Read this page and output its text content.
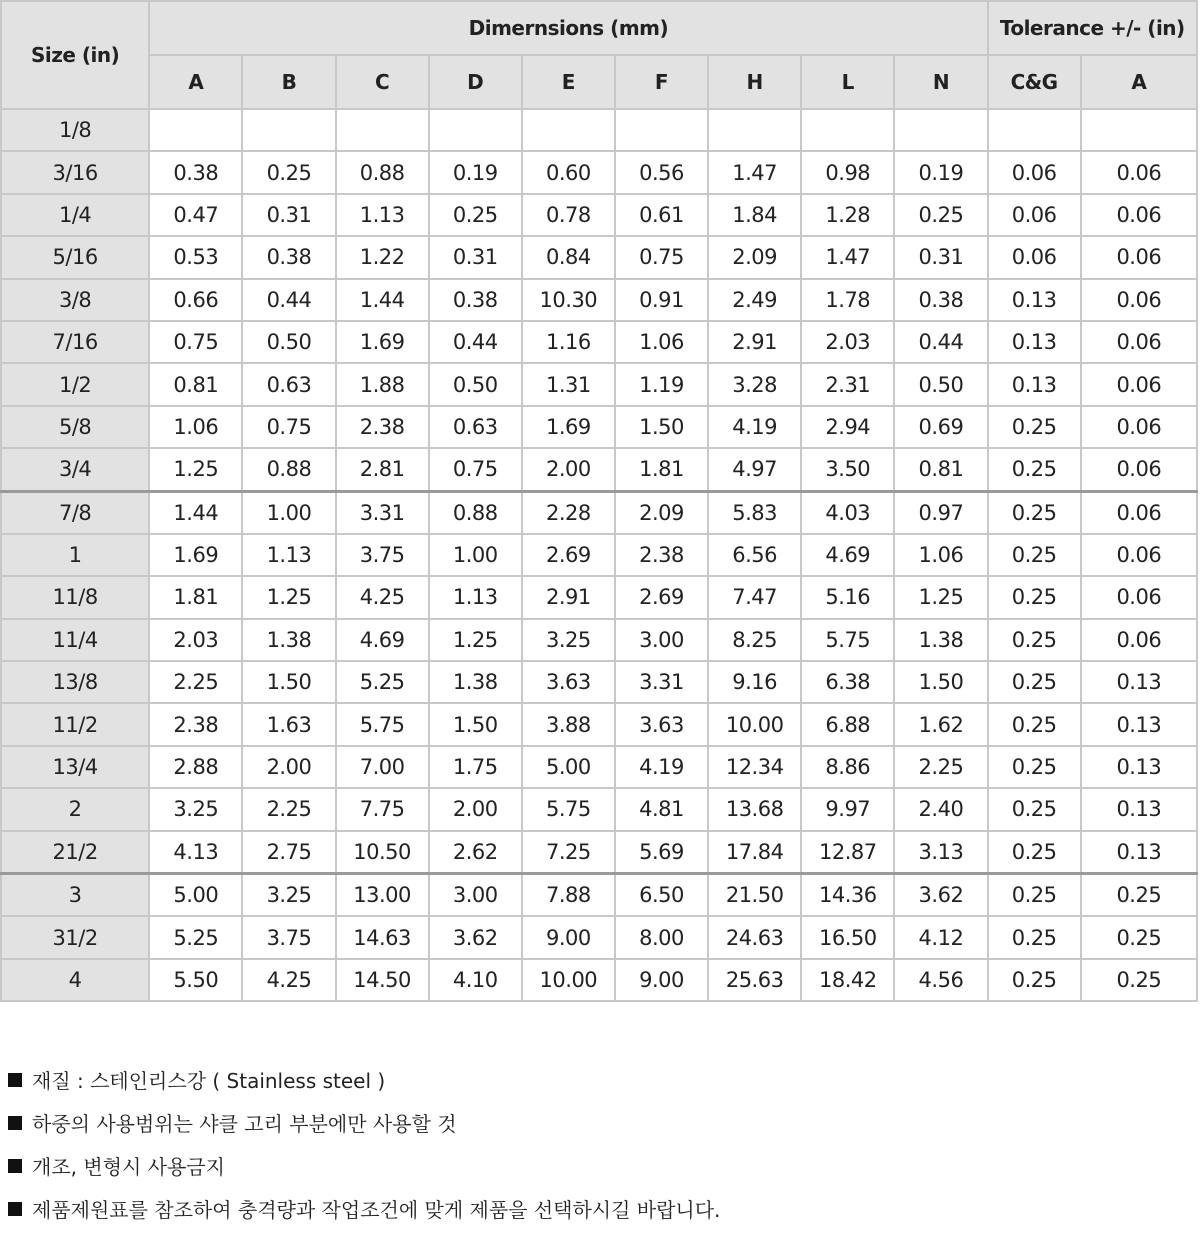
Size (in)	Dimernsions (mm)									Tolerance +/- (in)	
	A	B	C	D	E	F	H	L	N	C&G	A
1/8											
3/16	0.38	0.25	0.88	0.19	0.60	0.56	1.47	0.98	0.19	0.06	0.06
1/4	0.47	0.31	1.13	0.25	0.78	0.61	1.84	1.28	0.25	0.06	0.06
5/16	0.53	0.38	1.22	0.31	0.84	0.75	2.09	1.47	0.31	0.06	0.06
3/8	0.66	0.44	1.44	0.38	10.30	0.91	2.49	1.78	0.38	0.13	0.06
7/16	0.75	0.50	1.69	0.44	1.16	1.06	2.91	2.03	0.44	0.13	0.06
1/2	0.81	0.63	1.88	0.50	1.31	1.19	3.28	2.31	0.50	0.13	0.06
5/8	1.06	0.75	2.38	0.63	1.69	1.50	4.19	2.94	0.69	0.25	0.06
3/4	1.25	0.88	2.81	0.75	2.00	1.81	4.97	3.50	0.81	0.25	0.06
7/8	1.44	1.00	3.31	0.88	2.28	2.09	5.83	4.03	0.97	0.25	0.06
1	1.69	1.13	3.75	1.00	2.69	2.38	6.56	4.69	1.06	0.25	0.06
11/8	1.81	1.25	4.25	1.13	2.91	2.69	7.47	5.16	1.25	0.25	0.06
11/4	2.03	1.38	4.69	1.25	3.25	3.00	8.25	5.75	1.38	0.25	0.06
13/8	2.25	1.50	5.25	1.38	3.63	3.31	9.16	6.38	1.50	0.25	0.13
11/2	2.38	1.63	5.75	1.50	3.88	3.63	10.00	6.88	1.62	0.25	0.13
13/4	2.88	2.00	7.00	1.75	5.00	4.19	12.34	8.86	2.25	0.25	0.13
2	3.25	2.25	7.75	2.00	5.75	4.81	13.68	9.97	2.40	0.25	0.13
21/2	4.13	2.75	10.50	2.62	7.25	5.69	17.84	12.87	3.13	0.25	0.13
3	5.00	3.25	13.00	3.00	7.88	6.50	21.50	14.36	3.62	0.25	0.25
31/2	5.25	3.75	14.63	3.62	9.00	8.00	24.63	16.50	4.12	0.25	0.25
4	5.50	4.25	14.50	4.10	10.00	9.00	25.63	18.42	4.56	0.25	0.25
재질 : 스테인리스강 ( Stainless steel )
하중의 사용범위는 샤클 고리 부분에만 사용할 것
개조, 변형시 사용금지
제품제원표를 참조하여 충격량과 작업조건에 맞게 제품을 선택하시길 바랍니다.
